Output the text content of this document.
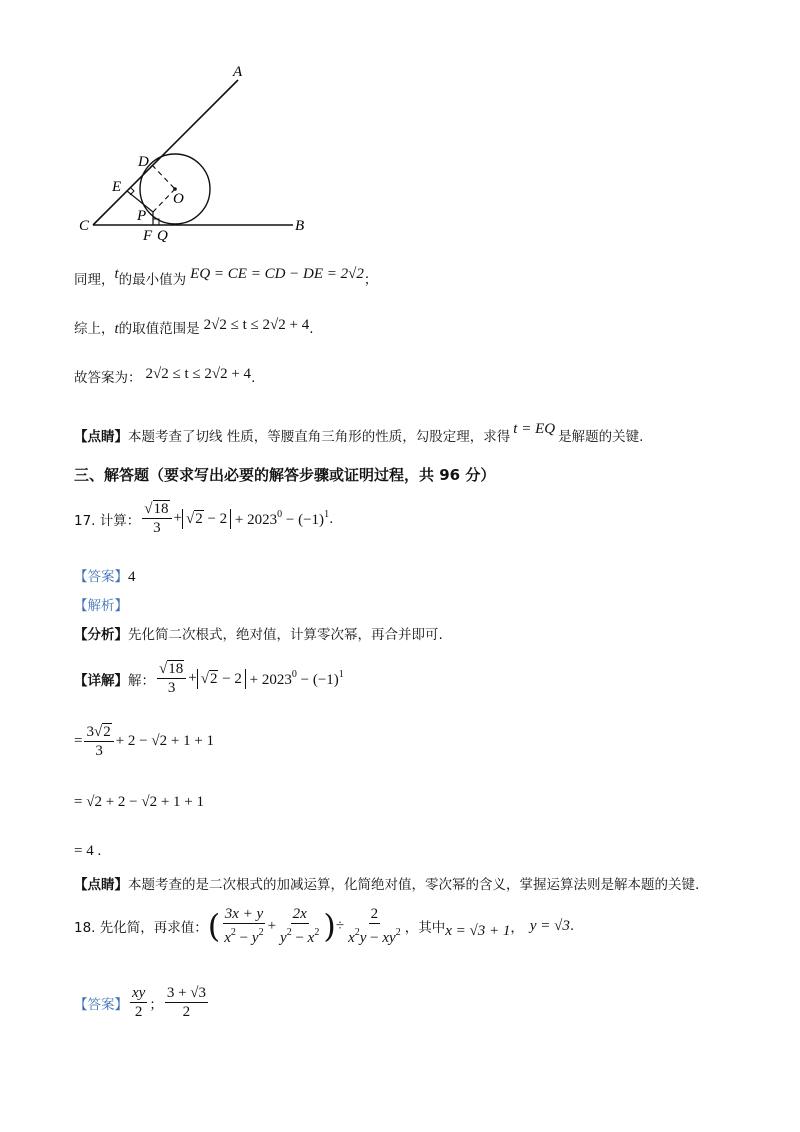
A
D
E
O
C
P
F Q
B
同理，t的最小值为 EQ = CE = CD − DE = 2√2；
综上，t的取值范围是 2√2 ≤ t ≤ 2√2 + 4.
故答案为： 2√2 ≤ t ≤ 2√2 + 4.
【点睛】本题考查了切线 性质，等腰直角三角形的性质，勾股定理，求得 t = EQ 是解题的关键.
三、解答题（要求写出必要的解答步骤或证明过程，共 96 分）
17. 计算： $\frac{√18}{3} + √2 - 2 + 2023^0 - (-1)^1$ .
【答案】4
【解析】
【分析】先化简二次根式，绝对值，计算零次幂，再合并即可.
【详解】 解： $\frac{√18}{3} + √2 - 2 + 2023^0 - (-1)^1$
= $\frac{3√2}{3} + 2 - √2 + 1 + 1$
= √2 + 2 − √2 + 1 + 1
= 4 .
【点睛】本题考查的是二次根式的加减运算，化简绝对值，零次幂的含义，掌握运算法则是解本题的关键.
18. 先化简，再求值： ( $\frac{3x + y}{x^2 - y^2} + \frac{2x}{y^2 - x^2}$ ) ÷ $\frac{2}{x^2y - xy^2}$ ，其中 x = √3 + 1 ， y = √3 .
【答案】 $\frac{xy}{2}$ ； $\frac{3 + √3}{2}$
